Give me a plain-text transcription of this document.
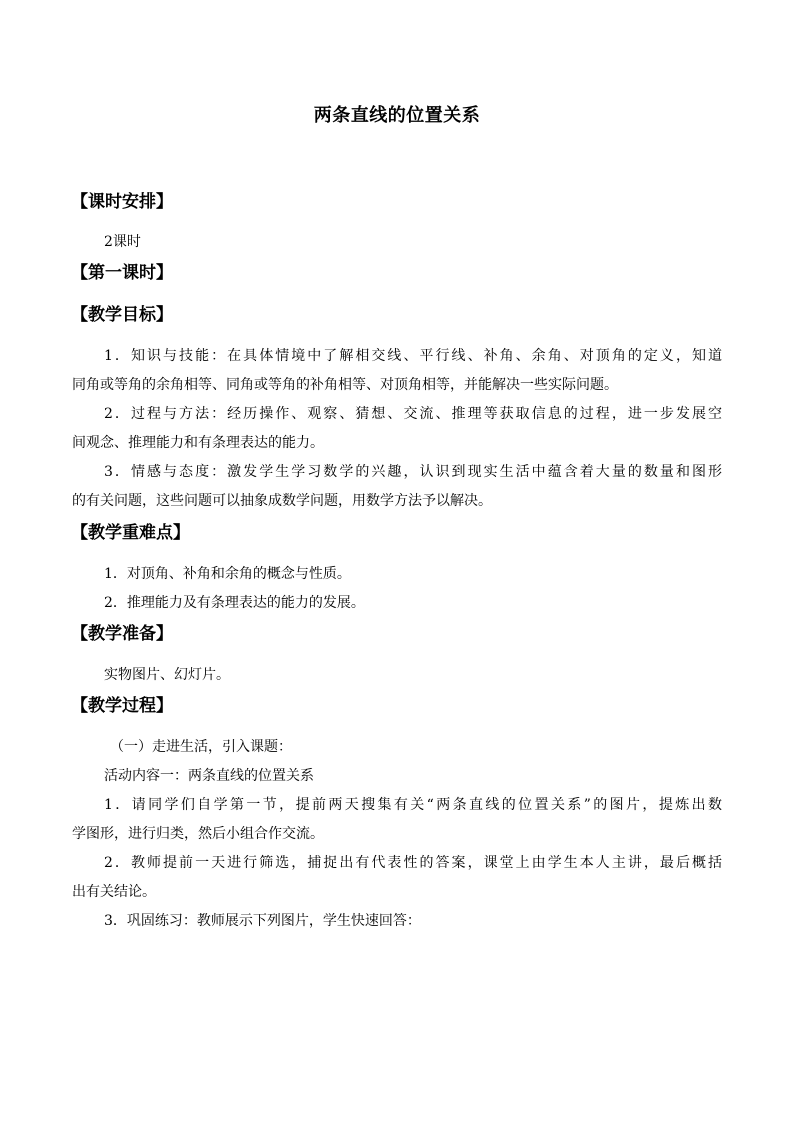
两条直线的位置关系
【课时安排】
2课时
【第一课时】
【教学目标】
1．知识与技能：在具体情境中了解相交线、平行线、补角、余角、对顶角的定义，知道
同角或等角的余角相等、同角或等角的补角相等、对顶角相等，并能解决一些实际问题。
2．过程与方法：经历操作、观察、猜想、交流、推理等获取信息的过程，进一步发展空
间观念、推理能力和有条理表达的能力。
3．情感与态度：激发学生学习数学的兴趣，认识到现实生活中蕴含着大量的数量和图形
的有关问题，这些问题可以抽象成数学问题，用数学方法予以解决。
【教学重难点】
1．对顶角、补角和余角的概念与性质。
2．推理能力及有条理表达的能力的发展。
【教学准备】
实物图片、幻灯片。
【教学过程】
（一）走进生活，引入课题：
活动内容一：两条直线的位置关系
1．请同学们自学第一节，提前两天搜集有关“两条直线的位置关系”的图片，提炼出数
学图形，进行归类，然后小组合作交流。
2．教师提前一天进行筛选，捕捉出有代表性的答案，课堂上由学生本人主讲，最后概括
出有关结论。
3．巩固练习：教师展示下列图片，学生快速回答：
